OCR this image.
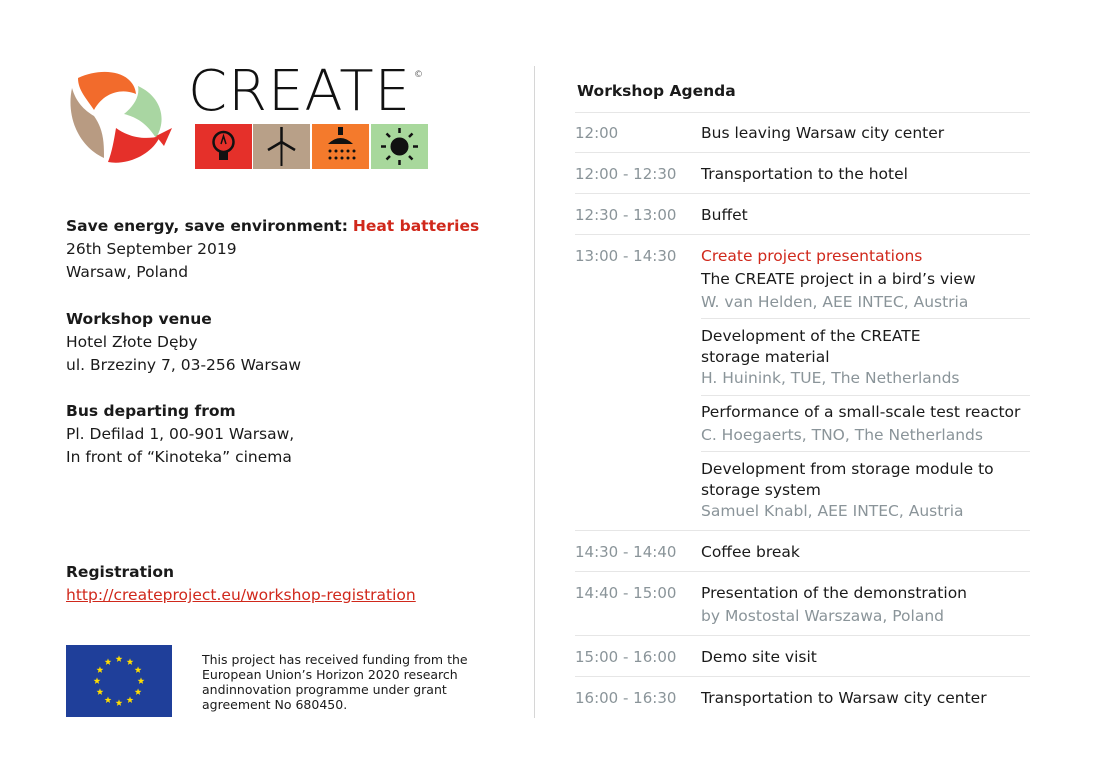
CREATE ©
Save energy, save environment: Heat batteries
26th September 2019
Warsaw, Poland
Workshop venue
Hotel Złote Dęby
ul. Brzeziny 7, 03-256 Warsaw
Bus departing from
Pl. Defilad 1, 00-901 Warsaw,
In front of “Kinoteka” cinema
Registration
http://createproject.eu/workshop-registration
This project has received funding from the European Union’s Horizon 2020 research andinnovation programme under grant agreement No 680450.
Workshop Agenda
12:00	Bus leaving Warsaw city center
12:00 - 12:30 Transportation to the hotel
12:30 - 13:00 Buffet
13:00 - 14:30 Create project presentations
The CREATE project in a bird’s view
W. van Helden, AEE INTEC, Austria
Development of the CREATE storage material
H. Huinink, TUE, The Netherlands
Performance of a small-scale test reactor
C. Hoegaerts, TNO, The Netherlands
Development from storage module to storage system
Samuel Knabl, AEE INTEC, Austria
14:30 - 14:40 Coffee break
14:40 - 15:00 Presentation of the demonstration
by Mostostal Warszawa, Poland
15:00 - 16:00 Demo site visit
16:00 - 16:30 Transportation to Warsaw city center
